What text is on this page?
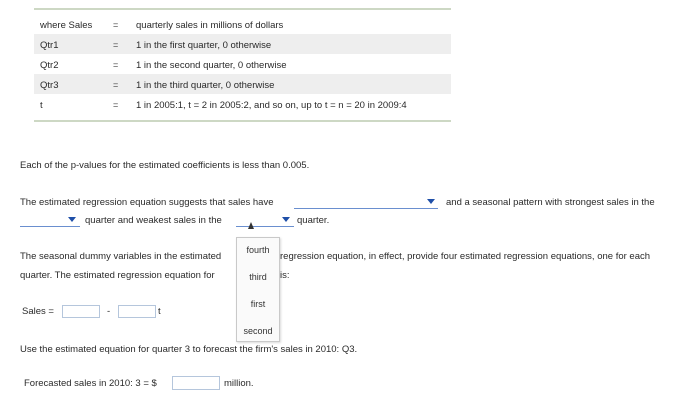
where Sales = quarterly sales in millions of dollars
Qtr1	= 1 in the first quarter, 0 otherwise
Qtr2	= 1 in the second quarter, 0 otherwise
Qtr3	= 1 in the third quarter, 0 otherwise
t	= 1 in 2005:1, t = 2 in 2005:2, and so on, up to t = n = 20 in 2009:4
Each of the p-values for the estimated coefficients is less than 0.005.
The estimated regression equation suggests that sales have	and a seasonal pattern with strongest sales in the
quarter and weakest sales in the	quarter.
The seasonal dummy variables in the estimated	regression equation, in effect, provide four estimated regression equations, one for each
quarter. The estimated regression equation for	is:
Sales =	-	t
Use the estimated equation for quarter 3 to forecast the firm's sales in 2010: Q3.
fourth
third
first
second
Forecasted sales in 2010: 3 = $	million.
